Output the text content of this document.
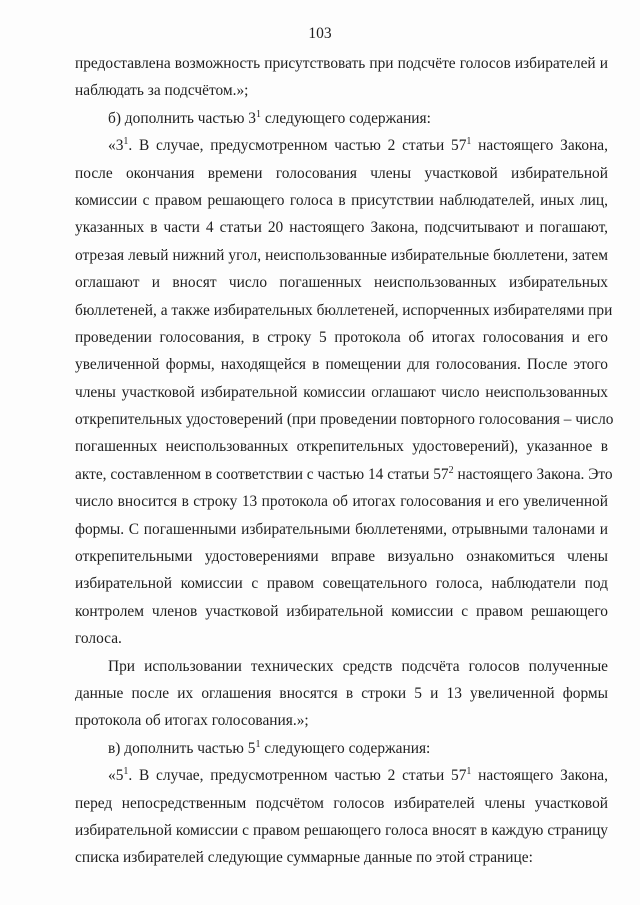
103
предоставлена возможность присутствовать при подсчёте голосов избирателей и
наблюдать за подсчётом.»;
б) дополнить частью $3^1$ следующего содержания:
«$3^1$. В случае, предусмотренном частью 2 статьи $57^1$ настоящего Закона,
после окончания времени голосования члены участковой избирательной
комиссии с правом решающего голоса в присутствии наблюдателей, иных лиц,
указанных в части 4 статьи 20 настоящего Закона, подсчитывают и погашают,
отрезая левый нижний угол, неиспользованные избирательные бюллетени, затем
оглашают и вносят число погашенных неиспользованных избирательных
бюллетеней, а также избирательных бюллетеней, испорченных избирателями при
проведении голосования, в строку 5 протокола об итогах голосования и его
увеличенной формы, находящейся в помещении для голосования. После этого
члены участковой избирательной комиссии оглашают число неиспользованных
открепительных удостоверений (при проведении повторного голосования – число
погашенных неиспользованных открепительных удостоверений), указанное в
акте, составленном в соответствии с частью 14 статьи $57^2$ настоящего Закона. Это
число вносится в строку 13 протокола об итогах голосования и его увеличенной
формы. С погашенными избирательными бюллетенями, отрывными талонами и
открепительными удостоверениями вправе визуально ознакомиться члены
избирательной комиссии с правом совещательного голоса, наблюдатели под
контролем членов участковой избирательной комиссии с правом решающего
голоса.
При использовании технических средств подсчёта голосов полученные
данные после их оглашения вносятся в строки 5 и 13 увеличенной формы
протокола об итогах голосования.»;
в) дополнить частью $5^1$ следующего содержания:
«$5^1$. В случае, предусмотренном частью 2 статьи $57^1$ настоящего Закона,
перед непосредственным подсчётом голосов избирателей члены участковой
избирательной комиссии с правом решающего голоса вносят в каждую страницу
списка избирателей следующие суммарные данные по этой странице:
